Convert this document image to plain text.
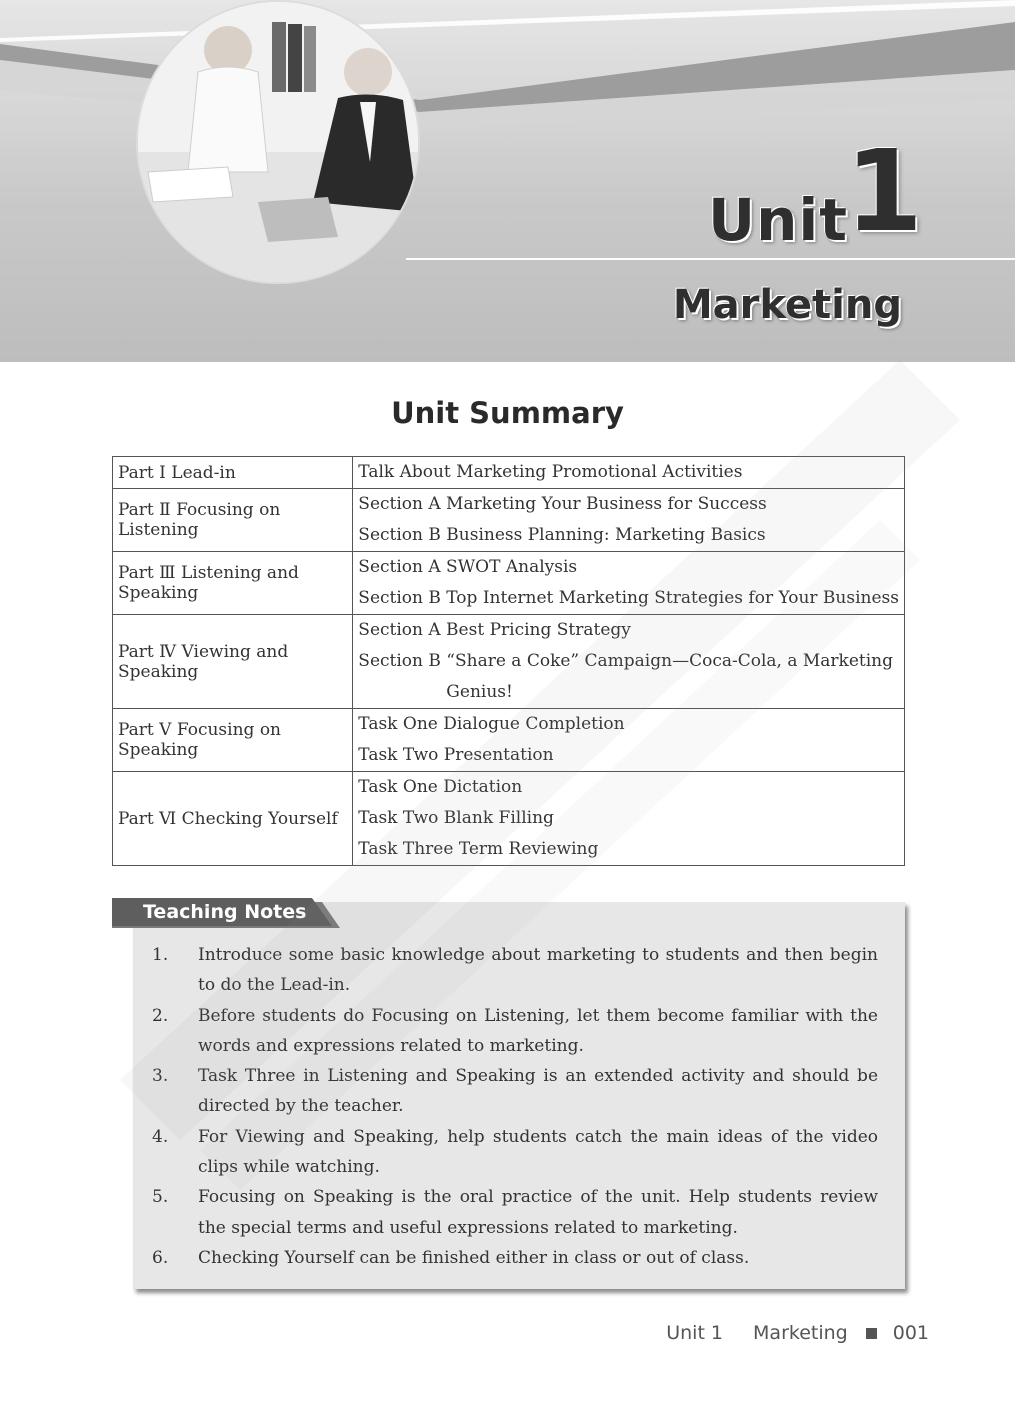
Unit
1
Marketing
Unit Summary
Part Ⅰ Lead-in	Talk About Marketing Promotional Activities

Part Ⅱ Focusing on Listening	Section A Marketing Your Business for Success
Section B Business Planning: Marketing Basics

Part Ⅲ Listening and Speaking	Section A SWOT Analysis
Section B Top Internet Marketing Strategies for Your Business

Part Ⅳ Viewing and Speaking	Section A Best Pricing Strategy
Section B “Share a Coke” Campaign—Coca-Cola, a Marketing
Genius!

Part Ⅴ Focusing on Speaking	Task One Dialogue Completion
Task Two Presentation

Part Ⅵ Checking Yourself	Task One Dictation
Task Two Blank Filling
Task Three Term Reviewing
Teaching Notes
1. Introduce some basic knowledge about marketing to students and then begin to do the Lead-in.
2. Before students do Focusing on Listening, let them become familiar with the words and expressions related to marketing.
3. Task Three in Listening and Speaking is an extended activity and should be directed by the teacher.
4. For Viewing and Speaking, help students catch the main ideas of the video clips while watching.
5. Focusing on Speaking is the oral practice of the unit. Help students review the special terms and useful expressions related to marketing.
6. Checking Yourself can be finished either in class or out of class.
Unit 1 Marketing 001
